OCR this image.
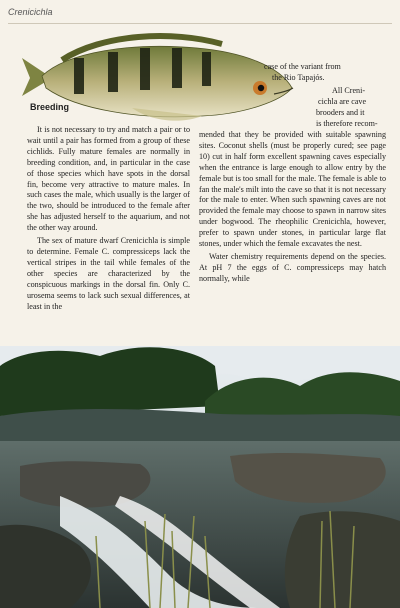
Crenicichla
Breeding
case of the variant from
the Rio Tapajós.
All Creni-
cichla are cave
brooders and it
is therefore recom-

It is not necessary to try and match a pair or to wait until a pair has formed from a group of these cichlids. Fully mature females are normally in breeding condition, and, in particular in the case of those species which have spots in the dorsal fin, become very attractive to mature males. In such cases the male, which usually is the larger of the two, should be introduced to the female after she has adjusted herself to the aquarium, and not the other way around.

The sex of mature dwarf Crenicichla is simple to determine. Female C. compressiceps lack the vertical stripes in the tail while females of the other species are characterized by the conspicuous markings in the dorsal fin. Only C. urosema seems to lack such sexual differences, at least in the

mended that they be provided with suitable spawning sites. Coconut shells (must be properly cured; see page 10) cut in half form excellent spawning caves especially when the entrance is large enough to allow entry by the female but is too small for the male. The female is able to fan the male's milt into the cave so that it is not necessary for the male to enter. When such spawning caves are not provided the female may choose to spawn in narrow sites under bogwood. The rheophilic Crenicichla, however, prefer to spawn under stones, in particular large flat stones, under which the female excavates the nest.

Water chemistry requirements depend on the species. At pH 7 the eggs of C. compressiceps may hatch normally, while
